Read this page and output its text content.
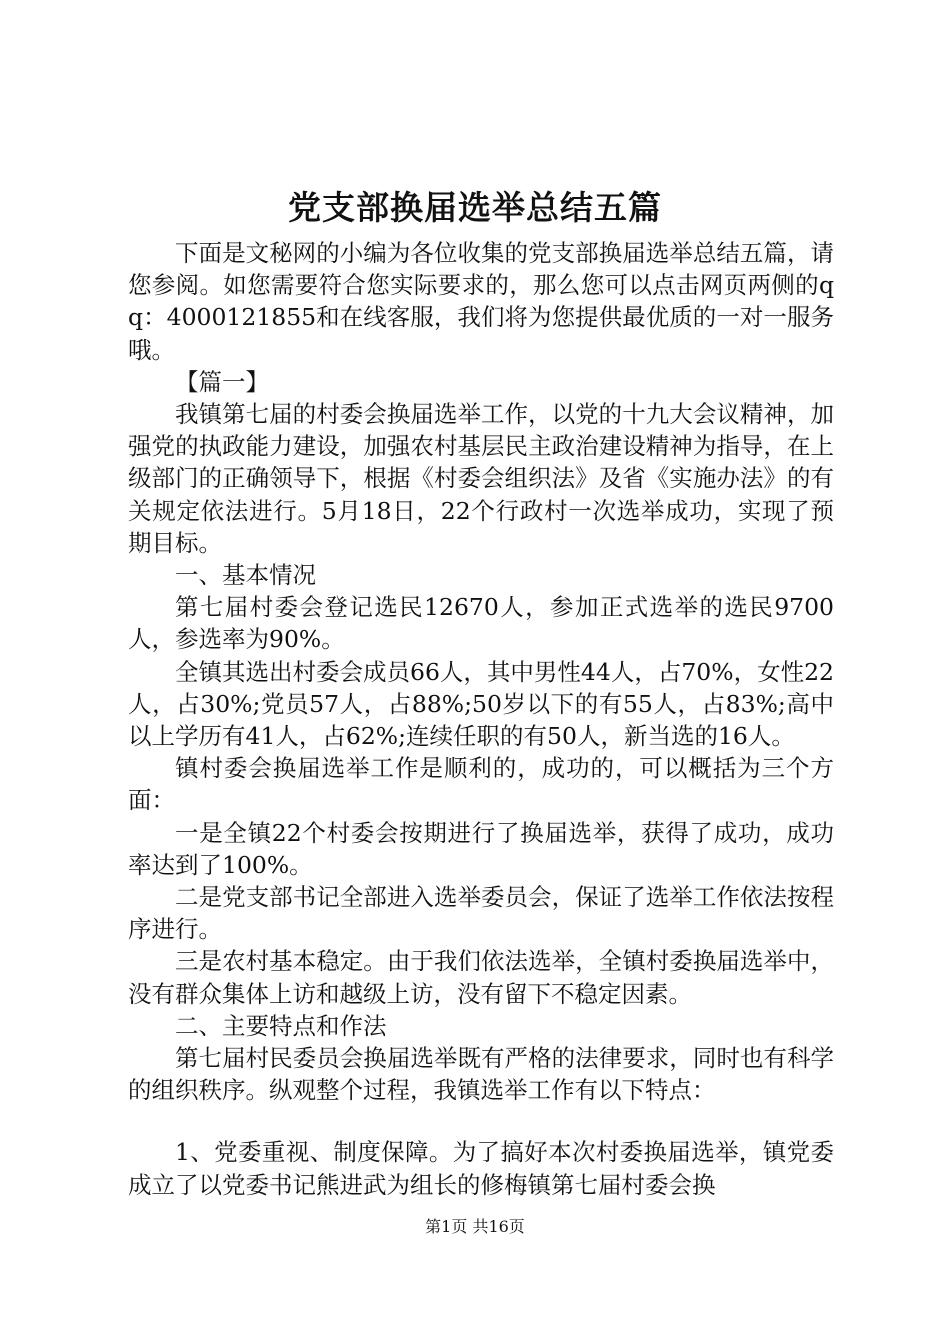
党支部换届选举总结五篇

下面是文秘网的小编为各位收集的党支部换届选举总结五篇，请您参阅。如您需要符合您实际要求的，那么您可以点击网页两侧的qq：4000121855和在线客服，我们将为您提供最优质的一对一服务哦。

【篇一】

我镇第七届的村委会换届选举工作，以党的十九大会议精神，加强党的执政能力建设，加强农村基层民主政治建设精神为指导，在上级部门的正确领导下，根据《村委会组织法》及省《实施办法》的有关规定依法进行。5月18日，22个行政村一次选举成功，实现了预期目标。

一、基本情况

第七届村委会登记选民12670人，参加正式选举的选民9700人，参选率为90%。

全镇其选出村委会成员66人，其中男性44人，占70%，女性22人，占30%;党员57人，占88%;50岁以下的有55人，占83%;高中以上学历有41人，占62%;连续任职的有50人，新当选的16人。

镇村委会换届选举工作是顺利的，成功的，可以概括为三个方面：

一是全镇22个村委会按期进行了换届选举，获得了成功，成功率达到了100%。

二是党支部书记全部进入选举委员会，保证了选举工作依法按程序进行。

三是农村基本稳定。由于我们依法选举，全镇村委换届选举中，没有群众集体上访和越级上访，没有留下不稳定因素。

二、主要特点和作法

第七届村民委员会换届选举既有严格的法律要求，同时也有科学的组织秩序。纵观整个过程，我镇选举工作有以下特点：

1、党委重视、制度保障。为了搞好本次村委换届选举，镇党委成立了以党委书记熊进武为组长的修梅镇第七届村委会换

第1页 共16页
